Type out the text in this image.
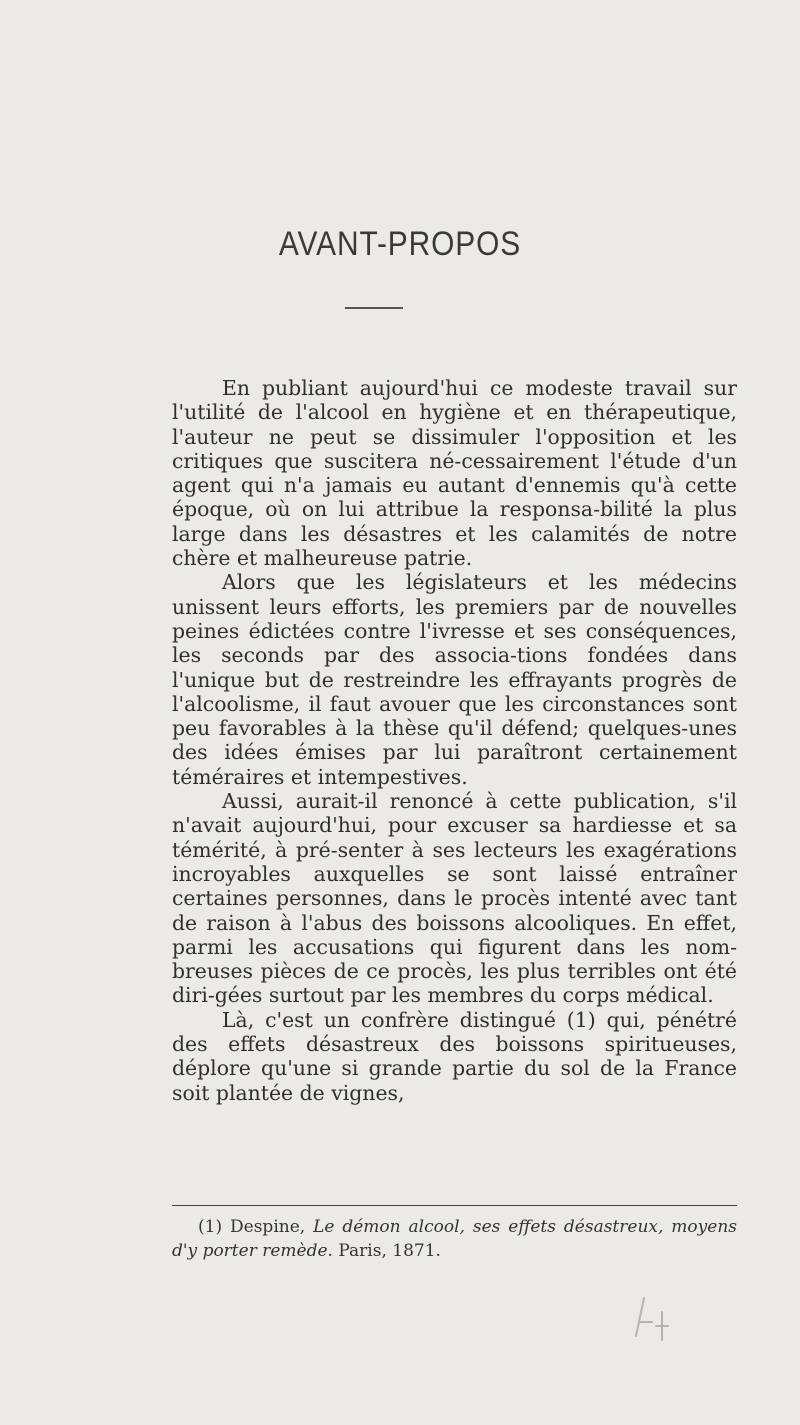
AVANT-PROPOS

En publiant aujourd'hui ce modeste travail sur l'utilité de l'alcool en hygiène et en thérapeutique, l'auteur ne peut se dissimuler l'opposition et les critiques que suscitera né-cessairement l'étude d'un agent qui n'a jamais eu autant d'ennemis qu'à cette époque, où on lui attribue la responsa-bilité la plus large dans les désastres et les calamités de notre chère et malheureuse patrie.

Alors que les législateurs et les médecins unissent leurs efforts, les premiers par de nouvelles peines édictées contre l'ivresse et ses conséquences, les seconds par des associa-tions fondées dans l'unique but de restreindre les effrayants progrès de l'alcoolisme, il faut avouer que les circonstances sont peu favorables à la thèse qu'il défend; quelques-unes des idées émises par lui paraîtront certainement téméraires et intempestives.

Aussi, aurait-il renoncé à cette publication, s'il n'avait aujourd'hui, pour excuser sa hardiesse et sa témérité, à pré-senter à ses lecteurs les exagérations incroyables auxquelles se sont laissé entraîner certaines personnes, dans le procès intenté avec tant de raison à l'abus des boissons alcooliques. En effet, parmi les accusations qui figurent dans les nom-breuses pièces de ce procès, les plus terribles ont été diri-gées surtout par les membres du corps médical.

Là, c'est un confrère distingué (1) qui, pénétré des effets désastreux des boissons spiritueuses, déplore qu'une si grande partie du sol de la France soit plantée de vignes,

(1) Despine, Le démon alcool, ses effets désastreux, moyens d'y porter remède. Paris, 1871.
